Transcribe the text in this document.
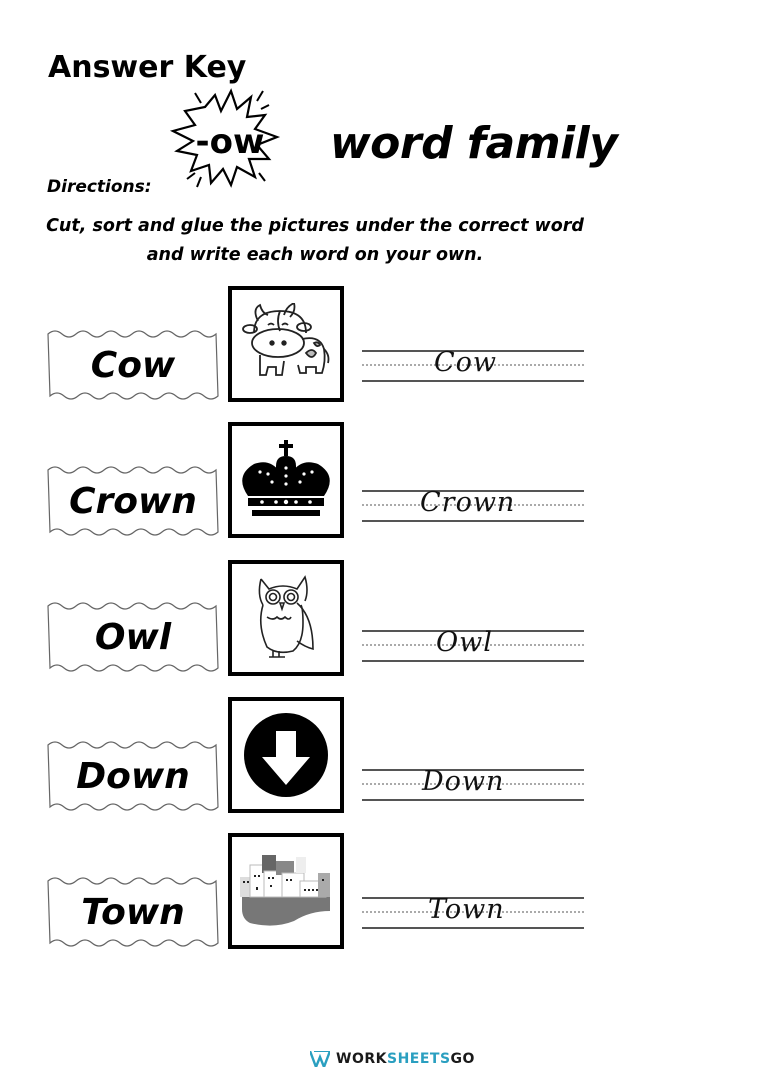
Answer Key
-ow	word family
Directions:
Cut, sort and glue the pictures under the correct word
and write each word on your own.
Cow	Cow
Crown	Crown
Owl	Owl
Down	Down
Town	Town
WORKSHEETSGO
